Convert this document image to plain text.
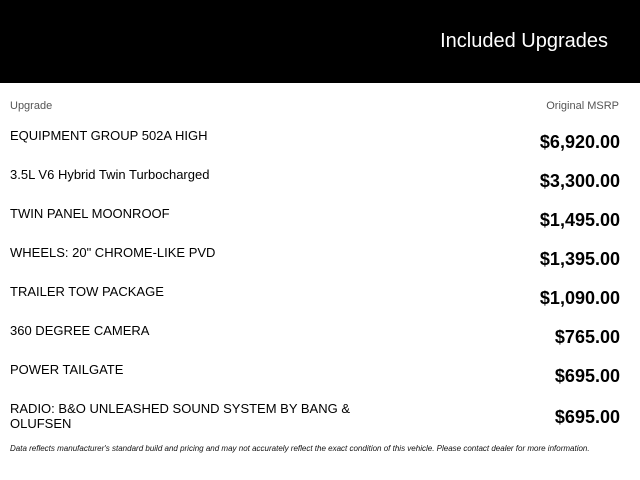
Included Upgrades
Upgrade	Original MSRP
EQUIPMENT GROUP 502A HIGH	$6,920.00
3.5L V6 Hybrid Twin Turbocharged	$3,300.00
TWIN PANEL MOONROOF	$1,495.00
WHEELS: 20" CHROME-LIKE PVD	$1,395.00
TRAILER TOW PACKAGE	$1,090.00
360 DEGREE CAMERA	$765.00
POWER TAILGATE	$695.00
RADIO: B&O UNLEASHED SOUND SYSTEM BY BANG & OLUFSEN	$695.00
Data reflects manufacturer's standard build and pricing and may not accurately reflect the exact condition of this vehicle. Please contact dealer for more information.
